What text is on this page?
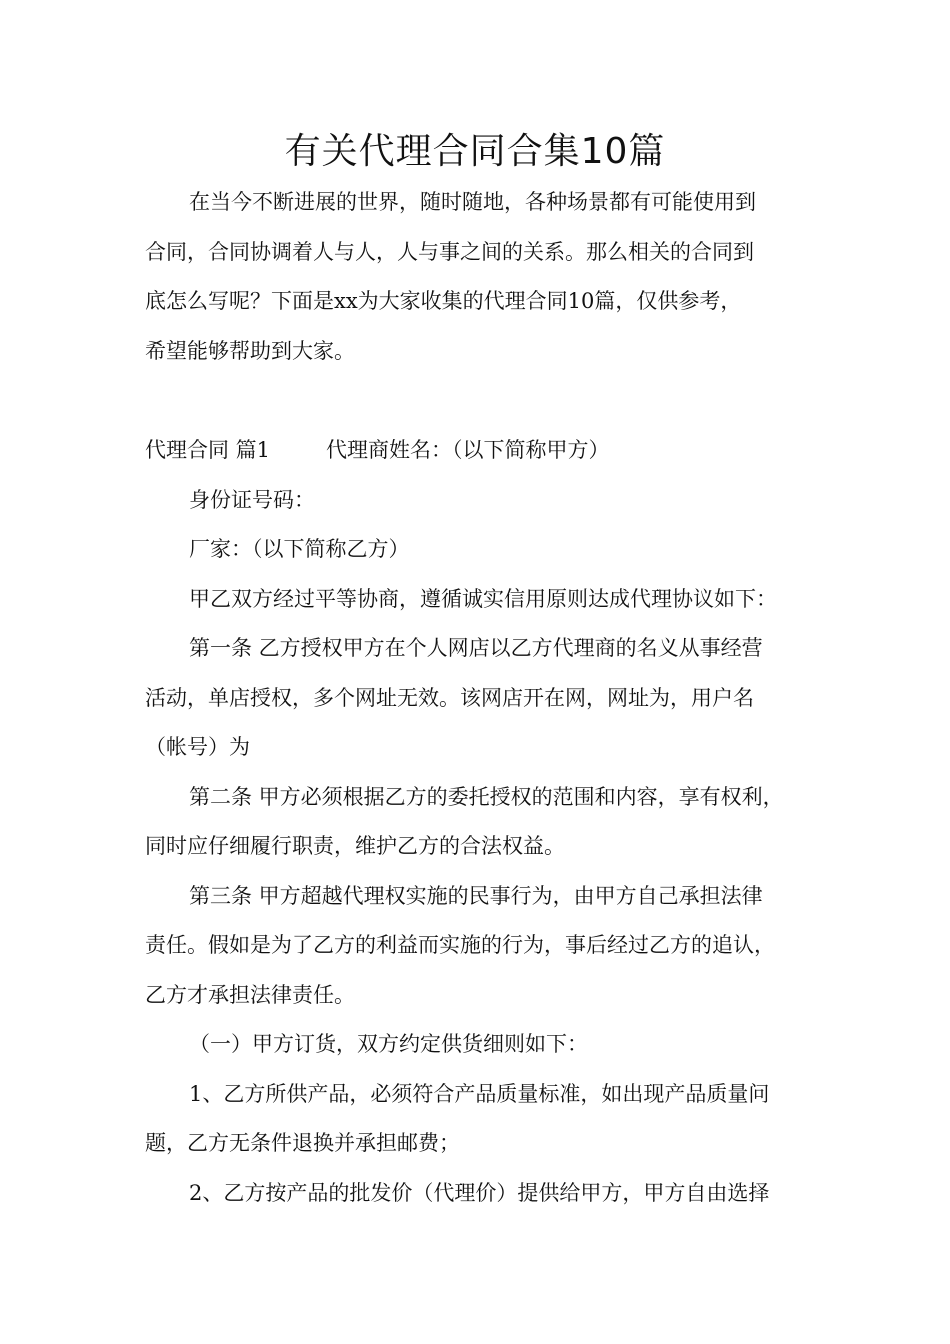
有关代理合同合集10篇

在当今不断进展的世界，随时随地，各种场景都有可能使用到

合同，合同协调着人与人，人与事之间的关系。那么相关的合同到

底怎么写呢？下面是xx为大家收集的代理合同10篇，仅供参考，

希望能够帮助到大家。

代理合同 篇1	代理商姓名：（以下简称甲方）

身份证号码：

厂家：（以下简称乙方）

甲乙双方经过平等协商，遵循诚实信用原则达成代理协议如下：

第一条 乙方授权甲方在个人网店以乙方代理商的名义从事经营

活动，单店授权，多个网址无效。该网店开在网，网址为，用户名

（帐号）为

第二条 甲方必须根据乙方的委托授权的范围和内容，享有权利，

同时应仔细履行职责，维护乙方的合法权益。

第三条 甲方超越代理权实施的民事行为，由甲方自己承担法律

责任。假如是为了乙方的利益而实施的行为，事后经过乙方的追认，

乙方才承担法律责任。

（一）甲方订货，双方约定供货细则如下：

1、乙方所供产品，必须符合产品质量标准，如出现产品质量问

题，乙方无条件退换并承担邮费；

2、乙方按产品的批发价（代理价）提供给甲方，甲方自由选择
